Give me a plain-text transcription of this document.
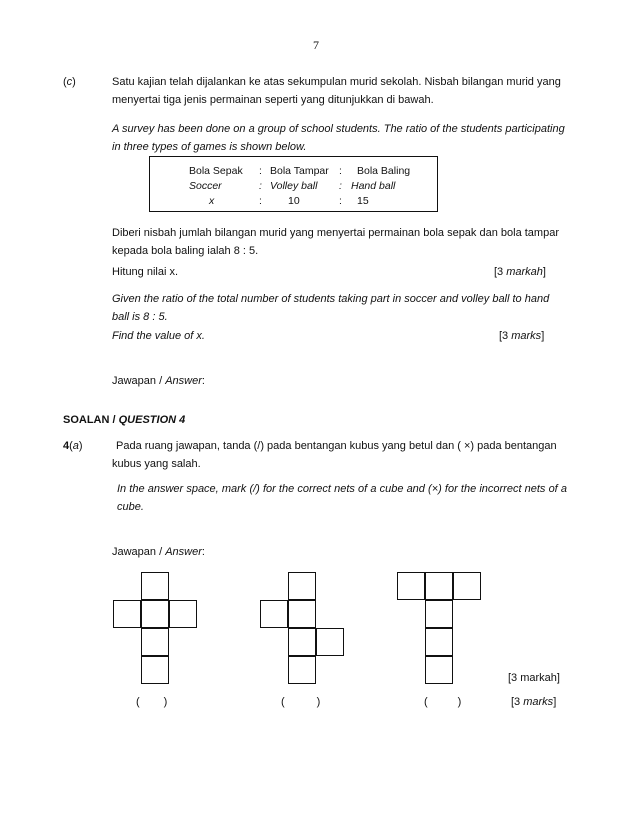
7
(c)	Satu kajian telah dijalankan ke atas sekumpulan murid sekolah. Nisbah bilangan murid yang menyertai tiga jenis permainan seperti yang ditunjukkan di bawah.
A survey has been done on a group of school students. The ratio of the students participating in three types of games is shown below.
Bola Sepak : Bola Tampar : Bola Baling
Soccer	: Volley ball : Hand ball
x	: 10	: 15
Diberi nisbah jumlah bilangan murid yang menyertai permainan bola sepak dan bola tampar kepada bola baling ialah 8 : 5.
Hitung nilai x.	[3 markah]
Given the ratio of the total number of students taking part in soccer and volley ball to hand ball is 8 : 5.
Find the value of x.	[3 marks]
Jawapan / Answer:
SOALAN / QUESTION 4
4(a)	Pada ruang jawapan, tanda (/) pada bentangan kubus yang betul dan ( ×) pada bentangan kubus yang salah.
In the answer space, mark (/) for the correct nets of a cube and (×) for the incorrect nets of a cube.
Jawapan / Answer:
[3 markah]
( )	(	)	(	)	[3 marks]
